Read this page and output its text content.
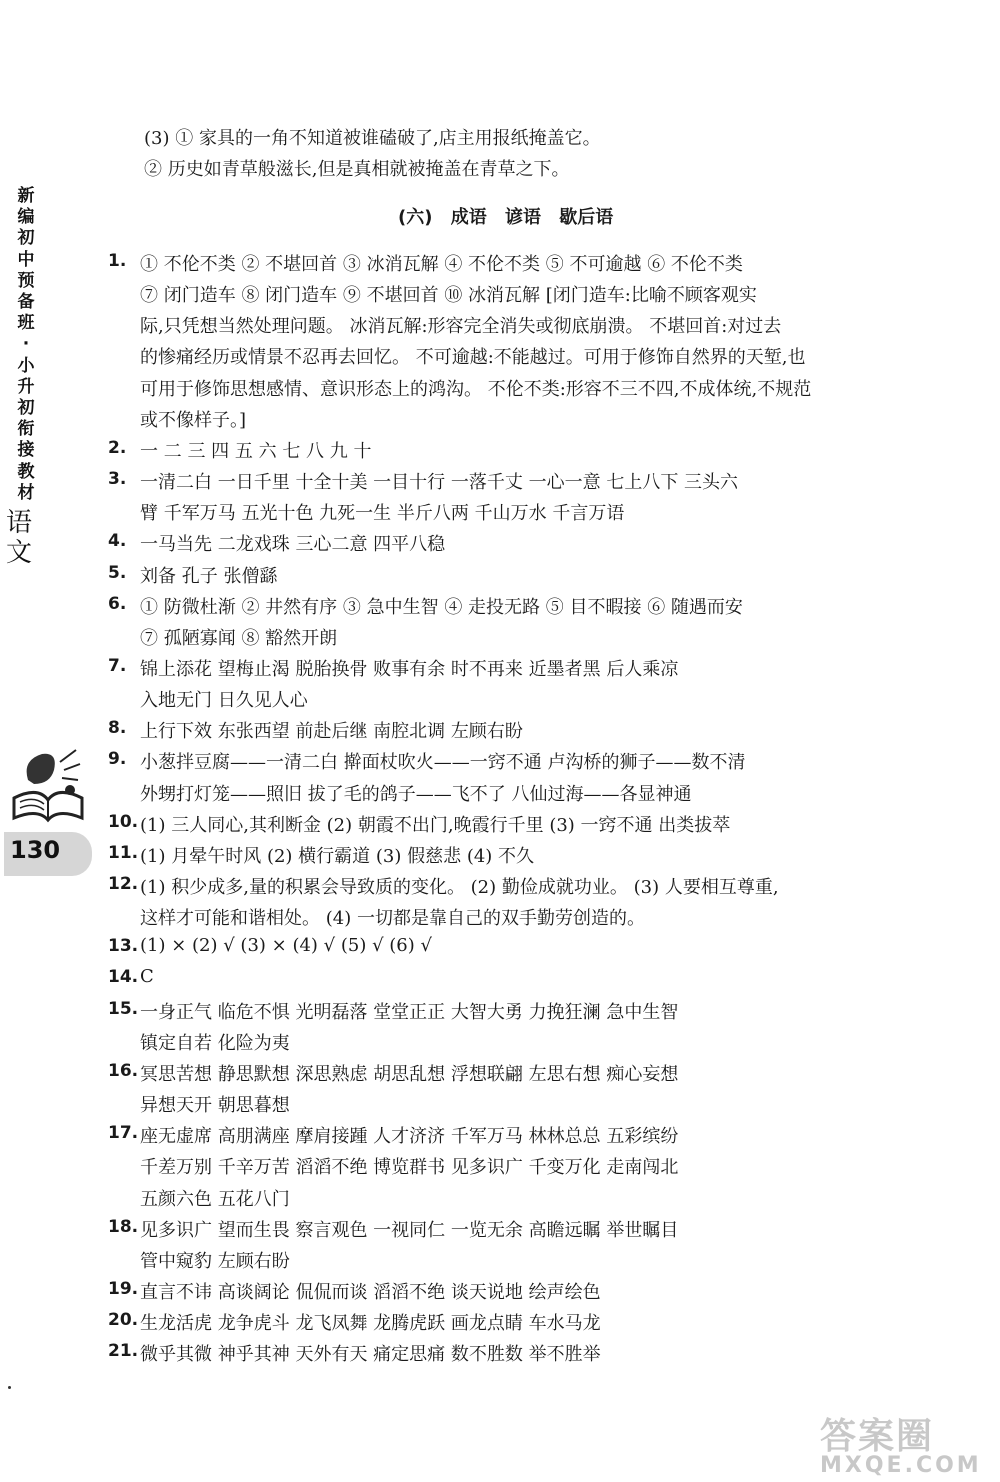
新
编
初
中
预
备
班
·
小
升
初
衔
接
教
材
语文
130
(3) ① 家具的一角不知道被谁磕破了,店主用报纸掩盖它。
② 历史如青草般滋长,但是真相就被掩盖在青草之下。
(六) 成语 谚语 歇后语
1. ① 不伦不类 ② 不堪回首 ③ 冰消瓦解 ④ 不伦不类 ⑤ 不可逾越 ⑥ 不伦不类
⑦ 闭门造车 ⑧ 闭门造车 ⑨ 不堪回首 ⑩ 冰消瓦解 [闭门造车:比喻不顾客观实
际,只凭想当然处理问题。 冰消瓦解:形容完全消失或彻底崩溃。 不堪回首:对过去
的惨痛经历或情景不忍再去回忆。 不可逾越:不能越过。可用于修饰自然界的天堑,也
可用于修饰思想感情、意识形态上的鸿沟。 不伦不类:形容不三不四,不成体统,不规范
或不像样子。]
2. 一 二 三 四 五 六 七 八 九 十
3. 一清二白 一日千里 十全十美 一目十行 一落千丈 一心一意 七上八下 三头六
臂 千军万马 五光十色 九死一生 半斤八两 千山万水 千言万语
4. 一马当先 二龙戏珠 三心二意 四平八稳
5. 刘备 孔子 张僧繇
6. ① 防微杜渐 ② 井然有序 ③ 急中生智 ④ 走投无路 ⑤ 目不暇接 ⑥ 随遇而安
⑦ 孤陋寡闻 ⑧ 豁然开朗
7. 锦上添花 望梅止渴 脱胎换骨 败事有余 时不再来 近墨者黑 后人乘凉
入地无门 日久见人心
8. 上行下效 东张西望 前赴后继 南腔北调 左顾右盼
9. 小葱拌豆腐——一清二白 擀面杖吹火——一窍不通 卢沟桥的狮子——数不清
外甥打灯笼——照旧 拔了毛的鸽子——飞不了 八仙过海——各显神通
10. (1) 三人同心,其利断金 (2) 朝霞不出门,晚霞行千里 (3) 一窍不通 出类拔萃
11. (1) 月晕午时风 (2) 横行霸道 (3) 假慈悲 (4) 不久
12. (1) 积少成多,量的积累会导致质的变化。 (2) 勤俭成就功业。 (3) 人要相互尊重,
这样才可能和谐相处。 (4) 一切都是靠自己的双手勤劳创造的。
13. (1) × (2) √ (3) × (4) √ (5) √ (6) √
14. C
15. 一身正气 临危不惧 光明磊落 堂堂正正 大智大勇 力挽狂澜 急中生智
镇定自若 化险为夷
16. 冥思苦想 静思默想 深思熟虑 胡思乱想 浮想联翩 左思右想 痴心妄想
异想天开 朝思暮想
17. 座无虚席 高朋满座 摩肩接踵 人才济济 千军万马 林林总总 五彩缤纷
千差万别 千辛万苦 滔滔不绝 博览群书 见多识广 千变万化 走南闯北
五颜六色 五花八门
18. 见多识广 望而生畏 察言观色 一视同仁 一览无余 高瞻远瞩 举世瞩目
管中窥豹 左顾右盼
19. 直言不讳 高谈阔论 侃侃而谈 滔滔不绝 谈天说地 绘声绘色
20. 生龙活虎 龙争虎斗 龙飞凤舞 龙腾虎跃 画龙点睛 车水马龙
21. 微乎其微 神乎其神 天外有天 痛定思痛 数不胜数 举不胜举
答案圈
MXQE.COM
